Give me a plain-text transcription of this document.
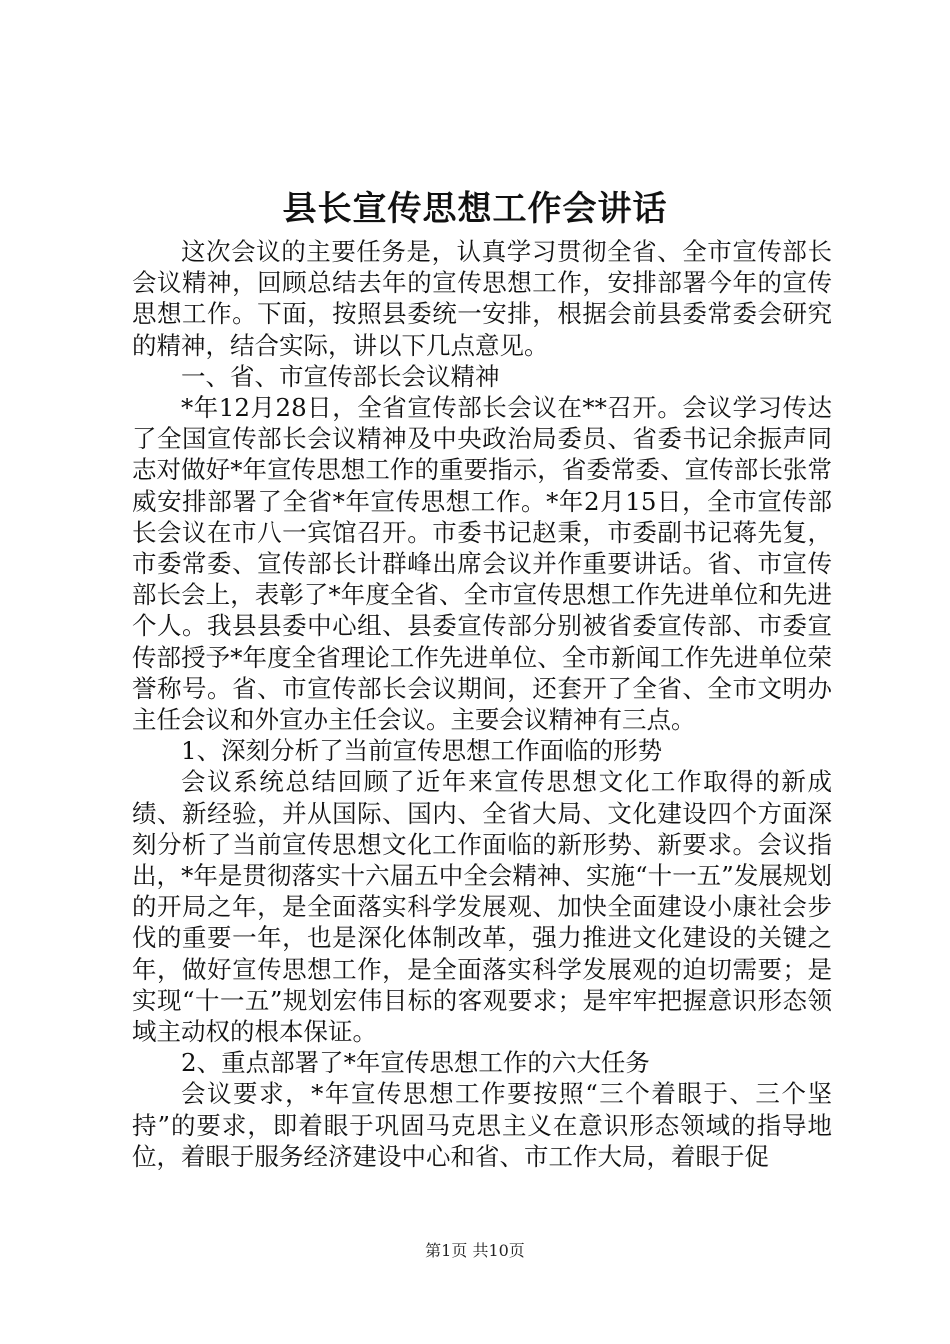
县长宣传思想工作会讲话

这次会议的主要任务是，认真学习贯彻全省、全市宣传部长会议精神，回顾总结去年的宣传思想工作，安排部署今年的宣传思想工作。下面，按照县委统一安排，根据会前县委常委会研究的精神，结合实际，讲以下几点意见。

一、省、市宣传部长会议精神

*年12月28日，全省宣传部长会议在**召开。会议学习传达了全国宣传部长会议精神及中央政治局委员、省委书记余振声同志对做好*年宣传思想工作的重要指示，省委常委、宣传部长张常威安排部署了全省*年宣传思想工作。*年2月15日，全市宣传部长会议在市八一宾馆召开。市委书记赵秉，市委副书记蒋先复，市委常委、宣传部长计群峰出席会议并作重要讲话。省、市宣传部长会上，表彰了*年度全省、全市宣传思想工作先进单位和先进个人。我县县委中心组、县委宣传部分别被省委宣传部、市委宣传部授予*年度全省理论工作先进单位、全市新闻工作先进单位荣誉称号。省、市宣传部长会议期间，还套开了全省、全市文明办主任会议和外宣办主任会议。主要会议精神有三点。

1、深刻分析了当前宣传思想工作面临的形势

会议系统总结回顾了近年来宣传思想文化工作取得的新成绩、新经验，并从国际、国内、全省大局、文化建设四个方面深刻分析了当前宣传思想文化工作面临的新形势、新要求。会议指出，*年是贯彻落实十六届五中全会精神、实施“十一五”发展规划的开局之年，是全面落实科学发展观、加快全面建设小康社会步伐的重要一年，也是深化体制改革，强力推进文化建设的关键之年，做好宣传思想工作，是全面落实科学发展观的迫切需要；是实现“十一五”规划宏伟目标的客观要求；是牢牢把握意识形态领域主动权的根本保证。

2、重点部署了*年宣传思想工作的六大任务

会议要求，*年宣传思想工作要按照“三个着眼于、三个坚持”的要求，即着眼于巩固马克思主义在意识形态领域的指导地位，着眼于服务经济建设中心和省、市工作大局，着眼于促

第1页 共10页
